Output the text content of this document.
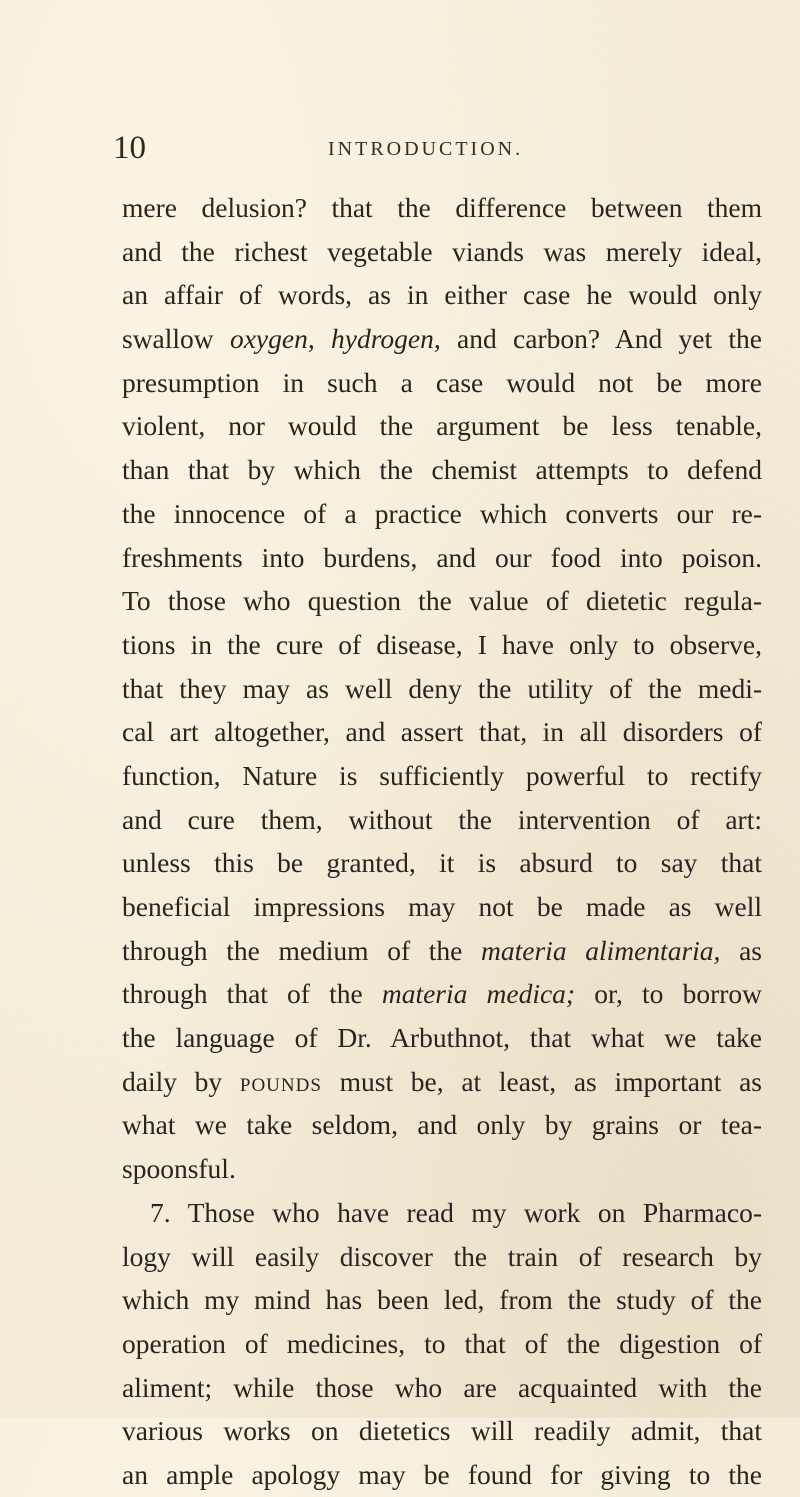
10	INTRODUCTION.
mere delusion? that the difference between them
and the richest vegetable viands was merely ideal,
an affair of words, as in either case he would only
swallow oxygen, hydrogen, and carbon? And yet the
presumption in such a case would not be more
violent, nor would the argument be less tenable,
than that by which the chemist attempts to defend
the innocence of a practice which converts our re-
freshments into burdens, and our food into poison.
To those who question the value of dietetic regula-
tions in the cure of disease, I have only to observe,
that they may as well deny the utility of the medi-
cal art altogether, and assert that, in all disorders of
function, Nature is sufficiently powerful to rectify
and cure them, without the intervention of art:
unless this be granted, it is absurd to say that
beneficial impressions may not be made as well
through the medium of the materia alimentaria, as
through that of the materia medica; or, to borrow
the language of Dr. Arbuthnot, that what we take
daily by pounds must be, at least, as important as
what we take seldom, and only by grains or tea-
spoonsful.
7. Those who have read my work on Pharmaco-
logy will easily discover the train of research by
which my mind has been led, from the study of the
operation of medicines, to that of the digestion of
aliment; while those who are acquainted with the
various works on dietetics will readily admit, that
an ample apology may be found for giving to the
